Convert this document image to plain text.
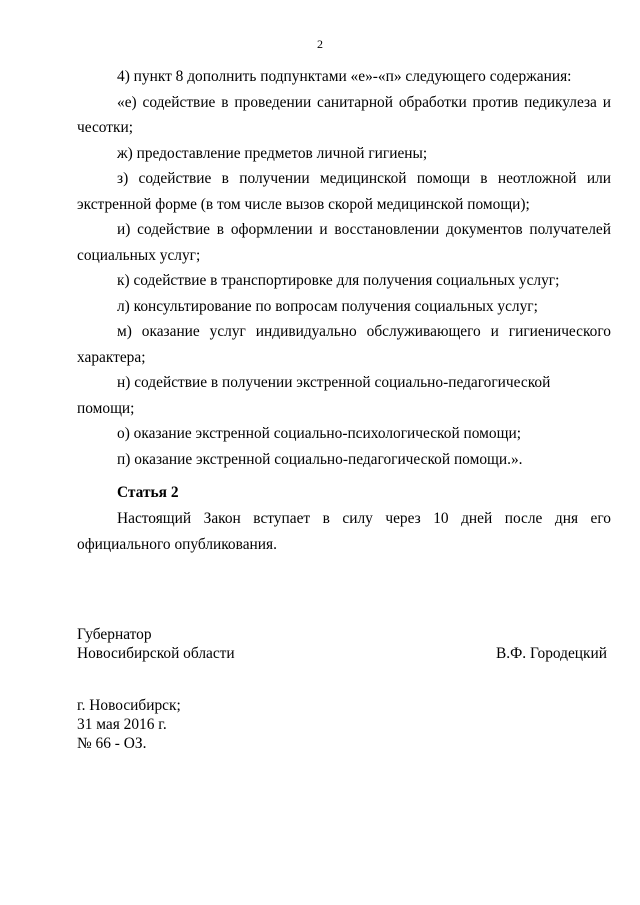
2

4) пункт 8 дополнить подпунктами «е»-«п» следующего содержания:

«е) содействие в проведении санитарной обработки против педикулеза и чесотки;

ж) предоставление предметов личной гигиены;

з) содействие в получении медицинской помощи в неотложной или экстренной форме (в том числе вызов скорой медицинской помощи);

и) содействие в оформлении и восстановлении документов получателей социальных услуг;

к) содействие в транспортировке для получения социальных услуг;

л) консультирование по вопросам получения социальных услуг;

м) оказание услуг индивидуально обслуживающего и гигиенического характера;

н) содействие в получении экстренной социально-педагогической помощи;

о) оказание экстренной социально-психологической помощи;

п) оказание экстренной социально-педагогической помощи.».

Статья 2

Настоящий Закон вступает в силу через 10 дней после дня его официального опубликования.

Губернатор
Новосибирской области	В.Ф. Городецкий
г. Новосибирск;
31 мая 2016 г.
№ 66 - ОЗ.
